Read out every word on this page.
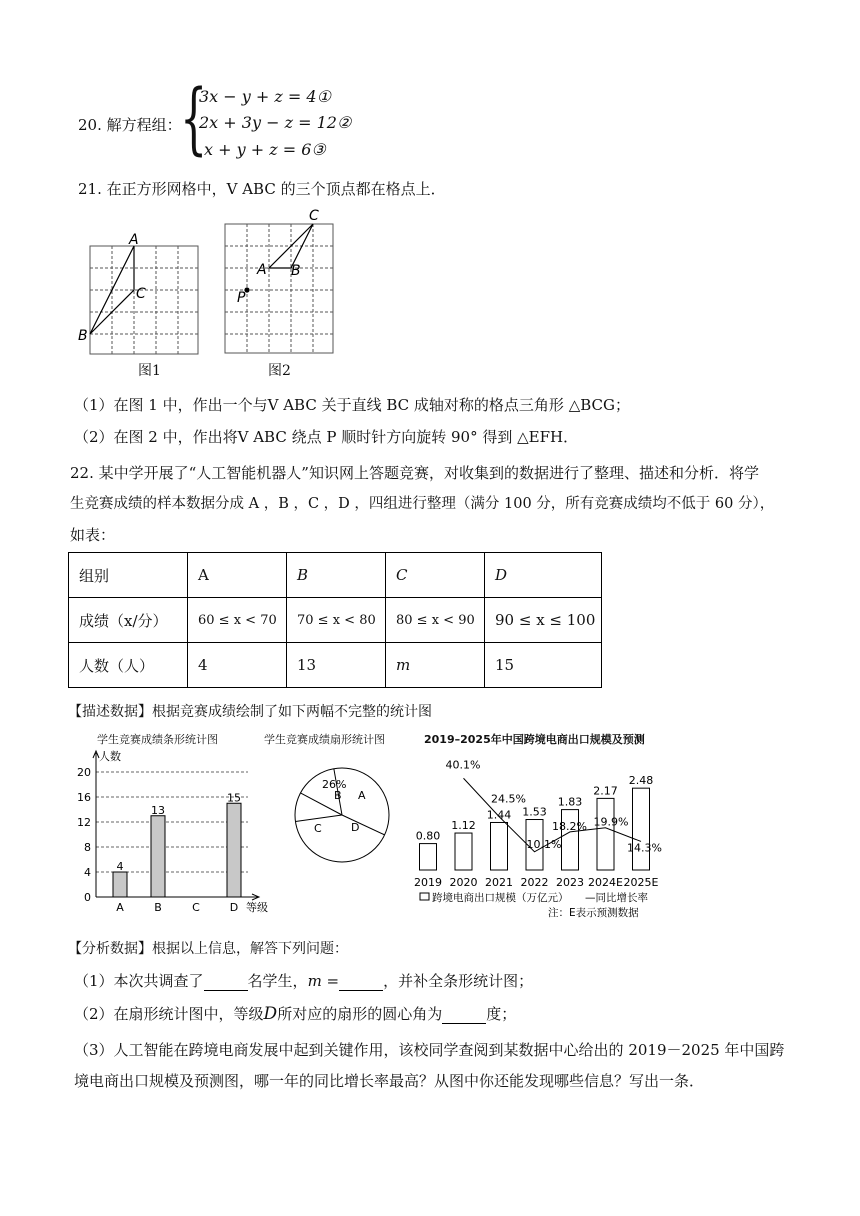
20. 解方程组：
{
3x − y + z = 4①
2x + 3y − z = 12②
x + y + z = 6③
21. 在正方形网格中，V ABC 的三个顶点都在格点上．
A
C
B
图1
C
A B
P
图2
（1）在图 1 中，作出一个与V ABC 关于直线 BC 成轴对称的格点三角形 △BCG；
（2）在图 2 中，作出将V ABC 绕点 P 顺时针方向旋转 90° 得到 △EFH．
22. 某中学开展了“人工智能机器人”知识网上答题竞赛，对收集到的数据进行了整理、描述和分析．将学
生竞赛成绩的样本数据分成 A ，B ，C ，D ，四组进行整理（满分 100 分，所有竞赛成绩均不低于 60 分），
如表：
组别	A	B	C	D
成绩（x/分）	60 ≤ x < 70	70 ≤ x < 80	80 ≤ x < 90	90 ≤ x ≤ 100
人数（人）	4	13	m	15
【描述数据】根据竞赛成绩绘制了如下两幅不完整的统计图
学生竞赛成绩条形统计图
0
4
8
12
16
20
人数
等级
4
A
13
B	C
15
D
学生竞赛成绩扇形统计图
A
B
C	D
26%
2019–2025年中国跨境电商出口规模及预测
0.80
2019
1.12
2020
1.44
2021
1.53
2022
1.83
2023
2.17
2024E
2.48
2025E
40.1%
24.5%
10.1%
18.2% 19.9%
14.3%
跨境电商出口规模（万亿元） —同比增长率
注：E表示预测数据
【分析数据】根据以上信息，解答下列问题：
（1）本次共调查了	名学生，m =	，并补全条形统计图；
（2）在扇形统计图中，等级D所对应的扇形的圆心角为	度；
（3）人工智能在跨境电商发展中起到关键作用，该校同学查阅到某数据中心给出的 2019－2025 年中国跨
境电商出口规模及预测图，哪一年的同比增长率最高？从图中你还能发现哪些信息？写出一条．
